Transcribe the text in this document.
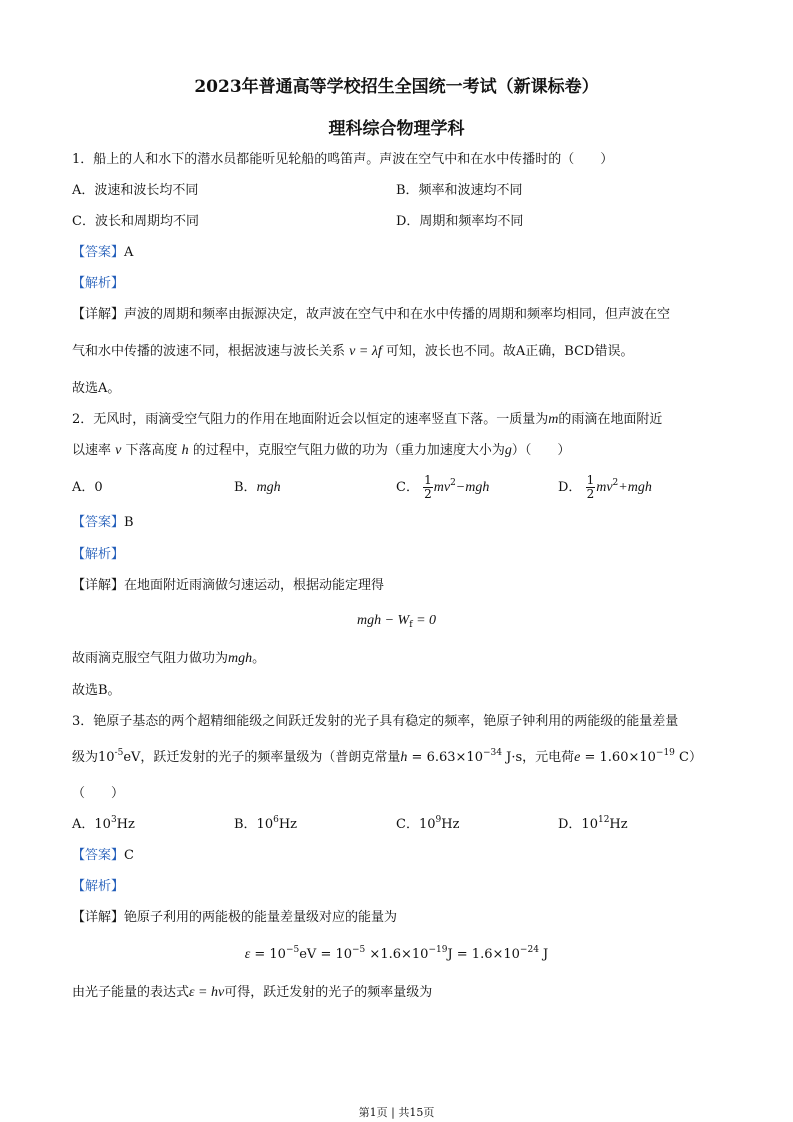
2023年普通高等学校招生全国统一考试（新课标卷）
理科综合物理学科
1．船上的人和水下的潜水员都能听见轮船的鸣笛声。声波在空气中和在水中传播时的（　　）
A．波速和波长均不同	B．频率和波速均不同
C．波长和周期均不同	D．周期和频率均不同
【答案】A
【解析】
【详解】声波的周期和频率由振源决定，故声波在空气中和在水中传播的周期和频率均相同，但声波在空
气和水中传播的波速不同，根据波速与波长关系 v = λf 可知，波长也不同。故A正确，BCD错误。
故选A。
2．无风时，雨滴受空气阻力的作用在地面附近会以恒定的速率竖直下落。一质量为m的雨滴在地面附近
以速率 v 下落高度 h 的过程中，克服空气阻力做的功为（重力加速度大小为g）（　　）
A．0	B．mgh	C． $\frac{1}{2} mv^2-mgh$	D． $\frac{1}{2} mv^2+mgh$
【答案】B
【解析】
【详解】在地面附近雨滴做匀速运动，根据动能定理得
mgh − $W_f = 0$
故雨滴克服空气阻力做功为mgh。
故选B。
3．铯原子基态的两个超精细能级之间跃迁发射的光子具有稳定的频率，铯原子钟利用的两能级的能量差量
级为$10^{-5}eV$，跃迁发射的光子的频率量级为（普朗克常量$h = 6.63\times 10^{-34}$ J·s，元电荷$e = 1.60\times 10^{-19}$ C）
（　　）
A．$10^3Hz$	B．$10^6Hz$	C．$10^9Hz$	D．$10^{12}Hz$
【答案】C
【解析】
【详解】铯原子利用的两能极的能量差量级对应的能量为
$\varepsilon = 10^{-5}eV = 10^{-5} \times 1.6\times 10^{-19}J = 1.6\times 10^{-24}$ J
由光子能量的表达式ε = hν可得，跃迁发射的光子的频率量级为
第1页 | 共15页
